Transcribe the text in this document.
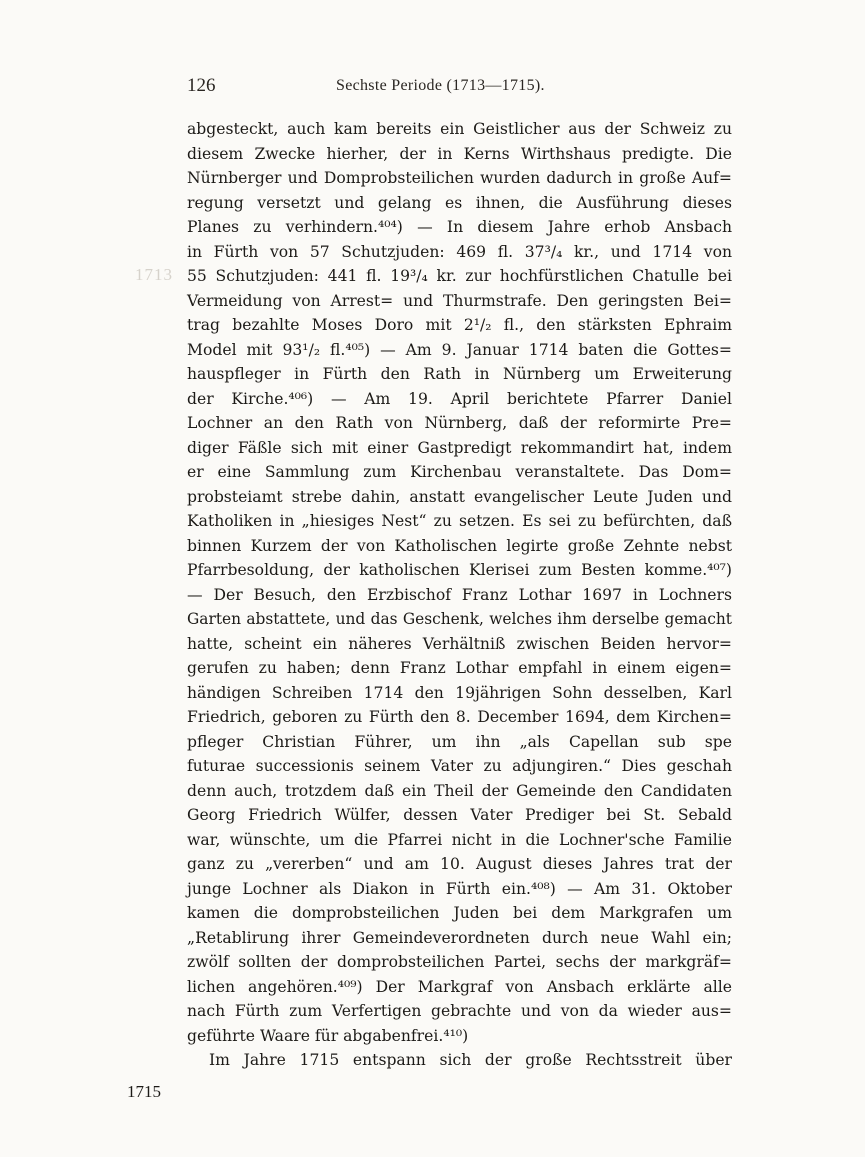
1713
126	Sechste Periode (1713—1715).
abgesteckt, auch kam bereits ein Geistlicher aus der Schweiz zu
diesem Zwecke hierher, der in Kerns Wirthshaus predigte. Die
Nürnberger und Domprobsteilichen wurden dadurch in große Auf=
regung versetzt und gelang es ihnen, die Ausführung dieses
Planes zu verhindern.⁴⁰⁴) — In diesem Jahre erhob Ansbach
in Fürth von 57 Schutzjuden: 469 fl. 37³/₄ kr., und 1714 von
55 Schutzjuden: 441 fl. 19³/₄ kr. zur hochfürstlichen Chatulle bei
Vermeidung von Arrest= und Thurmstrafe. Den geringsten Bei=
trag bezahlte Moses Doro mit 2¹/₂ fl., den stärksten Ephraim
Model mit 93¹/₂ fl.⁴⁰⁵) — Am 9. Januar 1714 baten die Gottes=
hauspfleger in Fürth den Rath in Nürnberg um Erweiterung
der Kirche.⁴⁰⁶) — Am 19. April berichtete Pfarrer Daniel
Lochner an den Rath von Nürnberg, daß der reformirte Pre=
diger Fäßle sich mit einer Gastpredigt rekommandirt hat, indem
er eine Sammlung zum Kirchenbau veranstaltete. Das Dom=
probsteiamt strebe dahin, anstatt evangelischer Leute Juden und
Katholiken in „hiesiges Nest“ zu setzen. Es sei zu befürchten, daß
binnen Kurzem der von Katholischen legirte große Zehnte nebst
Pfarrbesoldung, der katholischen Klerisei zum Besten komme.⁴⁰⁷)
— Der Besuch, den Erzbischof Franz Lothar 1697 in Lochners
Garten abstattete, und das Geschenk, welches ihm derselbe gemacht
hatte, scheint ein näheres Verhältniß zwischen Beiden hervor=
gerufen zu haben; denn Franz Lothar empfahl in einem eigen=
händigen Schreiben 1714 den 19jährigen Sohn desselben, Karl
Friedrich, geboren zu Fürth den 8. December 1694, dem Kirchen=
pfleger Christian Führer, um ihn „als Capellan sub spe
futurae successionis seinem Vater zu adjungiren.“ Dies geschah
denn auch, trotzdem daß ein Theil der Gemeinde den Candidaten
Georg Friedrich Wülfer, dessen Vater Prediger bei St. Sebald
war, wünschte, um die Pfarrei nicht in die Lochner'sche Familie
ganz zu „vererben“ und am 10. August dieses Jahres trat der
junge Lochner als Diakon in Fürth ein.⁴⁰⁸) — Am 31. Oktober
kamen die domprobsteilichen Juden bei dem Markgrafen um
„Retablirung ihrer Gemeindeverordneten durch neue Wahl ein;
zwölf sollten der domprobsteilichen Partei, sechs der markgräf=
lichen angehören.⁴⁰⁹) Der Markgraf von Ansbach erklärte alle
nach Fürth zum Verfertigen gebrachte und von da wieder aus=
geführte Waare für abgabenfrei.⁴¹⁰)
Im Jahre 1715 entspann sich der große Rechtsstreit über
1715
